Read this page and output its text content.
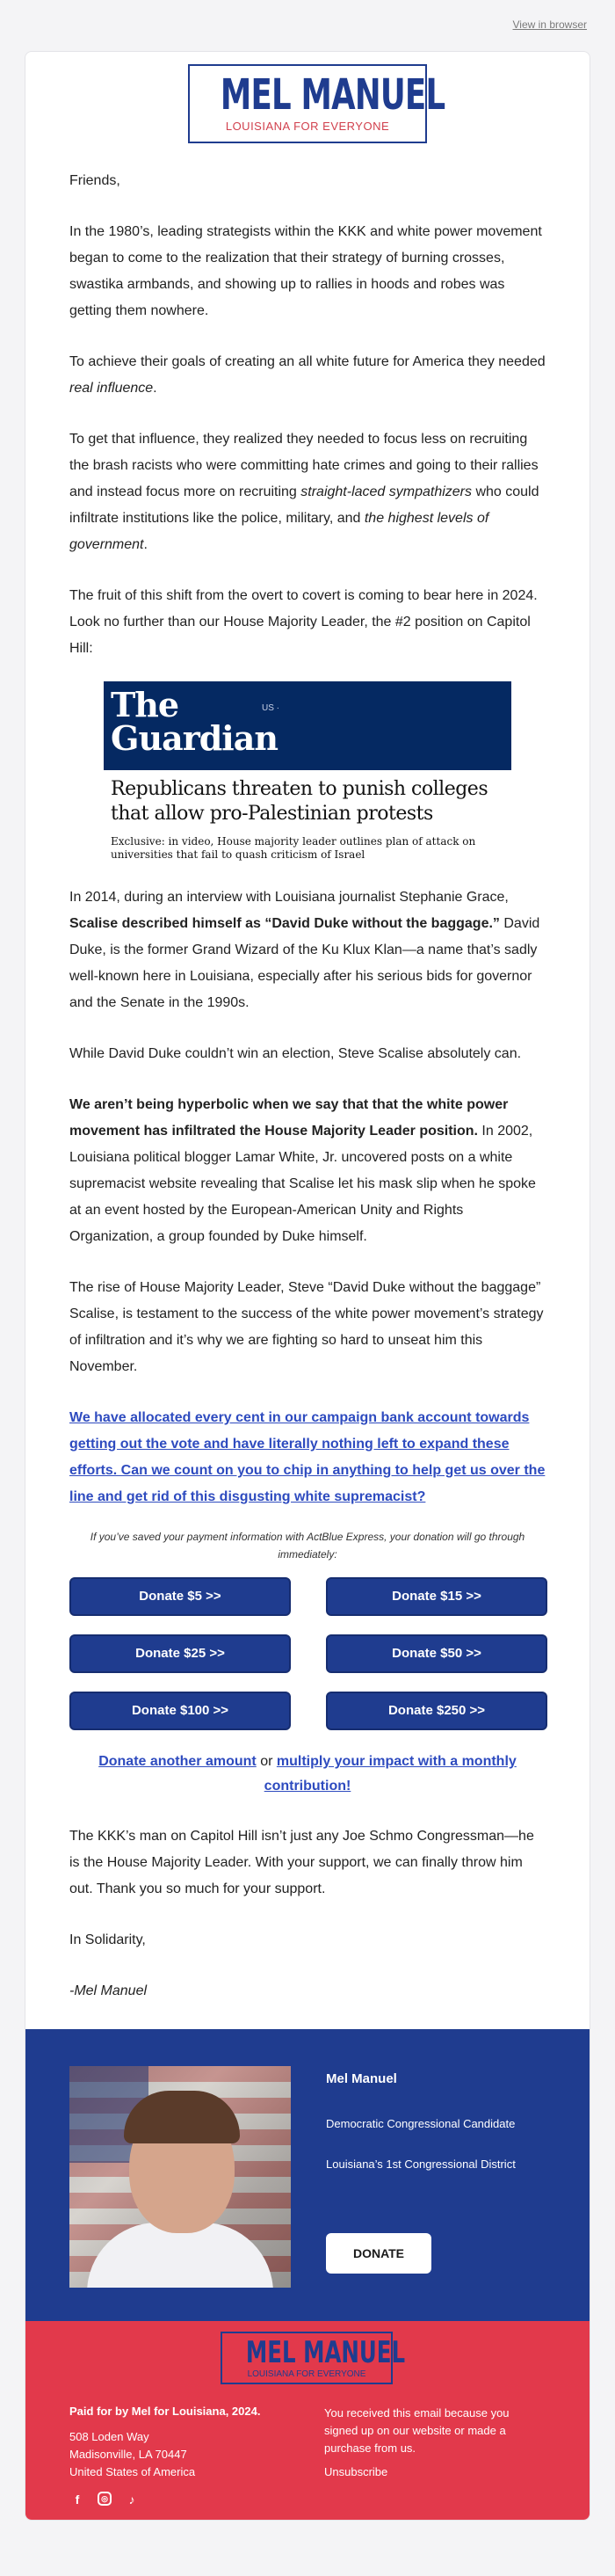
View in browser
MEL MANUEL
LOUISIANA FOR EVERYONE

Friends,

In the 1980’s, leading strategists within the KKK and white power movement began to come to the realization that their strategy of burning crosses, swastika armbands, and showing up to rallies in hoods and robes was getting them nowhere.

To achieve their goals of creating an all white future for America they needed real influence.

To get that influence, they realized they needed to focus less on recruiting the brash racists who were committing hate crimes and going to their rallies and instead focus more on recruiting straight-laced sympathizers who could infiltrate institutions like the police, military, and the highest levels of government.

The fruit of this shift from the overt to covert is coming to bear here in 2024. Look no further than our House Majority Leader, the #2 position on Capitol Hill:

The
Guardian
US ·
Republicans threaten to punish colleges that allow pro-Palestinian protests
Exclusive: in video, House majority leader outlines plan of attack on universities that fail to quash criticism of Israel

In 2014, during an interview with Louisiana journalist Stephanie Grace, Scalise described himself as “David Duke without the baggage.” David Duke, is the former Grand Wizard of the Ku Klux Klan—a name that’s sadly well-known here in Louisiana, especially after his serious bids for governor and the Senate in the 1990s.

While David Duke couldn’t win an election, Steve Scalise absolutely can.

We aren’t being hyperbolic when we say that that the white power movement has infiltrated the House Majority Leader position. In 2002, Louisiana political blogger Lamar White, Jr. uncovered posts on a white supremacist website revealing that Scalise let his mask slip when he spoke at an event hosted by the European-American Unity and Rights Organization, a group founded by Duke himself.

The rise of House Majority Leader, Steve “David Duke without the baggage” Scalise, is testament to the success of the white power movement’s strategy of infiltration and it’s why we are fighting so hard to unseat him this November.

We have allocated every cent in our campaign bank account towards getting out the vote and have literally nothing left to expand these efforts. Can we count on you to chip in anything to help get us over the line and get rid of this disgusting white supremacist?
If you’ve saved your payment information with ActBlue Express, your donation will go through immediately:
Donate $5 >>	Donate $15 >>
Donate $25 >>	Donate $50 >>
Donate $100 >>	Donate $250 >>
Donate another amount or multiply your impact with a monthly contribution!

The KKK’s man on Capitol Hill isn’t just any Joe Schmo Congressman—he is the House Majority Leader. With your support, we can finally throw him out. Thank you so much for your support.

In Solidarity,

-Mel Manuel

Mel Manuel
Democratic Congressional Candidate
Louisiana’s 1st Congressional District
DONATE
MEL MANUEL
LOUISIANA FOR EVERYONE
Paid for by Mel for Louisiana, 2024.
508 Loden Way
Madisonville, LA 70447
United States of America
f	◎	♪
You received this email because you signed up on our website or made a purchase from us.
Unsubscribe
